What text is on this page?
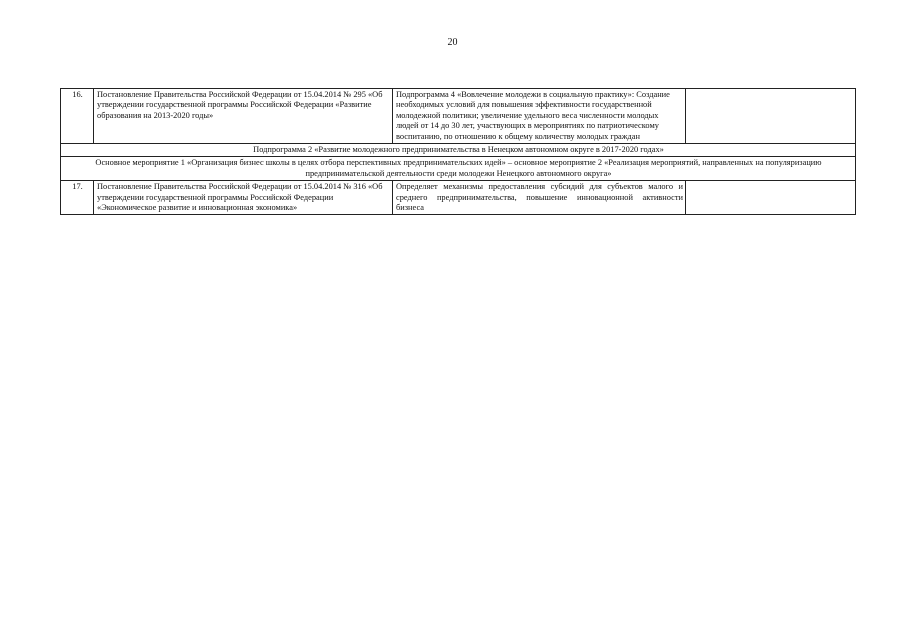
20
16.	Постановление Правительства Российской Федерации от 15.04.2014 № 295 «Об утверждении государственной программы Российской Федерации «Развитие образования на 2013-2020 годы»	Подпрограмма 4 «Вовлечение молодежи в социальную практику»: Создание необходимых условий для повышения эффективности государственной молодежной политики; увеличение удельного веса численности молодых людей от 14 до 30 лет, участвующих в мероприятиях по патриотическому воспитанию, по отношению к общему количеству молодых граждан	
Подпрограмма 2 «Развитие молодежного предпринимательства в Ненецком автономном округе в 2017-2020 годах»			
Основное мероприятие 1 «Организация бизнес школы в целях отбора перспективных предпринимательских идей» – основное мероприятие 2 «Реализация мероприятий, направленных на популяризацию предпринимательской деятельности среди молодежи Ненецкого автономного округа»			
17.	Постановление Правительства Российской Федерации от 15.04.2014 № 316 «Об утверждении государственной программы Российской Федерации «Экономическое развитие и инновационная экономика»	Определяет механизмы предоставления субсидий для субъектов малого и среднего предпринимательства, повышение инновационной активности бизнеса	
